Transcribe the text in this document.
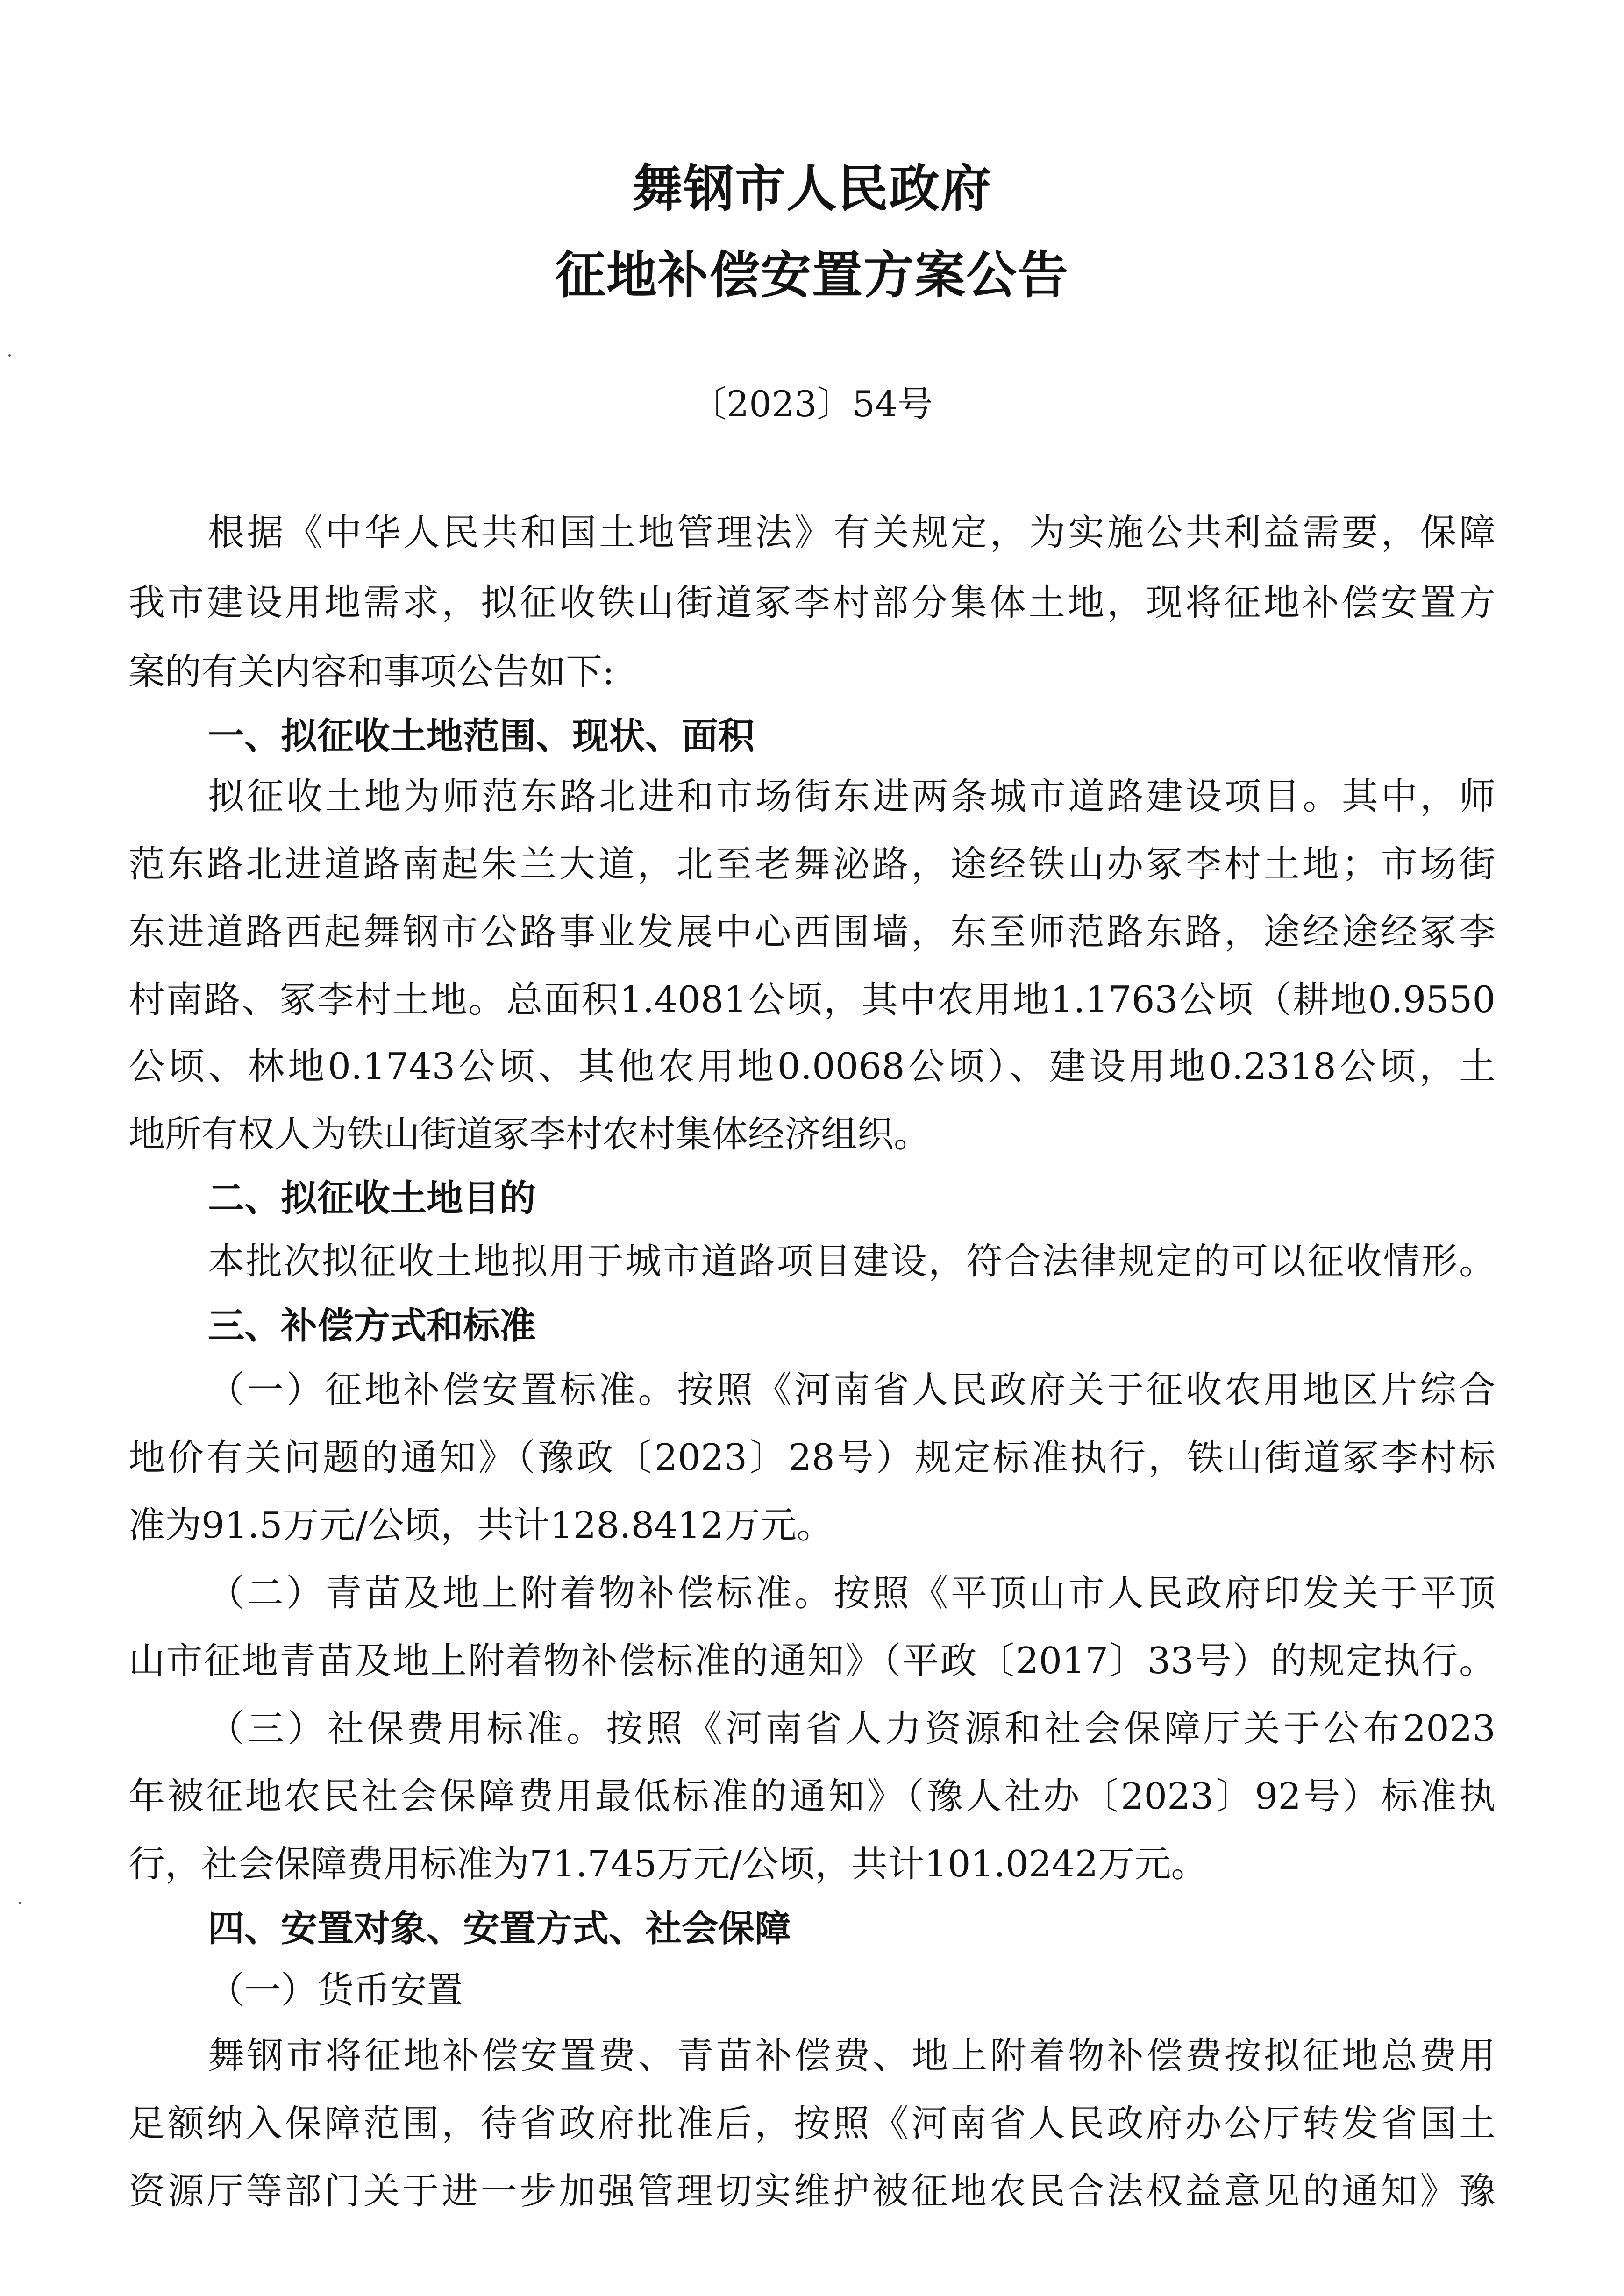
舞钢市人民政府
征地补偿安置方案公告
〔2023〕54号
根据《中华人民共和国土地管理法》有关规定，为实施公共利益需要，保障
我市建设用地需求，拟征收铁山街道冢李村部分集体土地，现将征地补偿安置方
案的有关内容和事项公告如下:
一、拟征收土地范围、现状、面积
拟征收土地为师范东路北进和市场街东进两条城市道路建设项目。其中，师
范东路北进道路南起朱兰大道，北至老舞泌路，途经铁山办冢李村土地；市场街
东进道路西起舞钢市公路事业发展中心西围墙，东至师范路东路，途经途经冢李
村南路、冢李村土地。总面积1.4081公顷，其中农用地1.1763公顷（耕地0.9550
公顷、林地0.1743公顷、其他农用地0.0068公顷）、建设用地0.2318公顷，土
地所有权人为铁山街道冢李村农村集体经济组织。
二、拟征收土地目的
本批次拟征收土地拟用于城市道路项目建设，符合法律规定的可以征收情形。
三、补偿方式和标准
（一）征地补偿安置标准。按照《河南省人民政府关于征收农用地区片综合
地价有关问题的通知》（豫政〔2023〕28号）规定标准执行，铁山街道冢李村标
准为91.5万元/公顷，共计128.8412万元。
（二）青苗及地上附着物补偿标准。按照《平顶山市人民政府印发关于平顶
山市征地青苗及地上附着物补偿标准的通知》（平政〔2017〕33号）的规定执行。
（三）社保费用标准。按照《河南省人力资源和社会保障厅关于公布2023
年被征地农民社会保障费用最低标准的通知》（豫人社办〔2023〕92号）标准执
行，社会保障费用标准为71.745万元/公顷，共计101.0242万元。
四、安置对象、安置方式、社会保障
（一）货币安置
舞钢市将征地补偿安置费、青苗补偿费、地上附着物补偿费按拟征地总费用
足额纳入保障范围，待省政府批准后，按照《河南省人民政府办公厅转发省国土
资源厅等部门关于进一步加强管理切实维护被征地农民合法权益意见的通知》豫
